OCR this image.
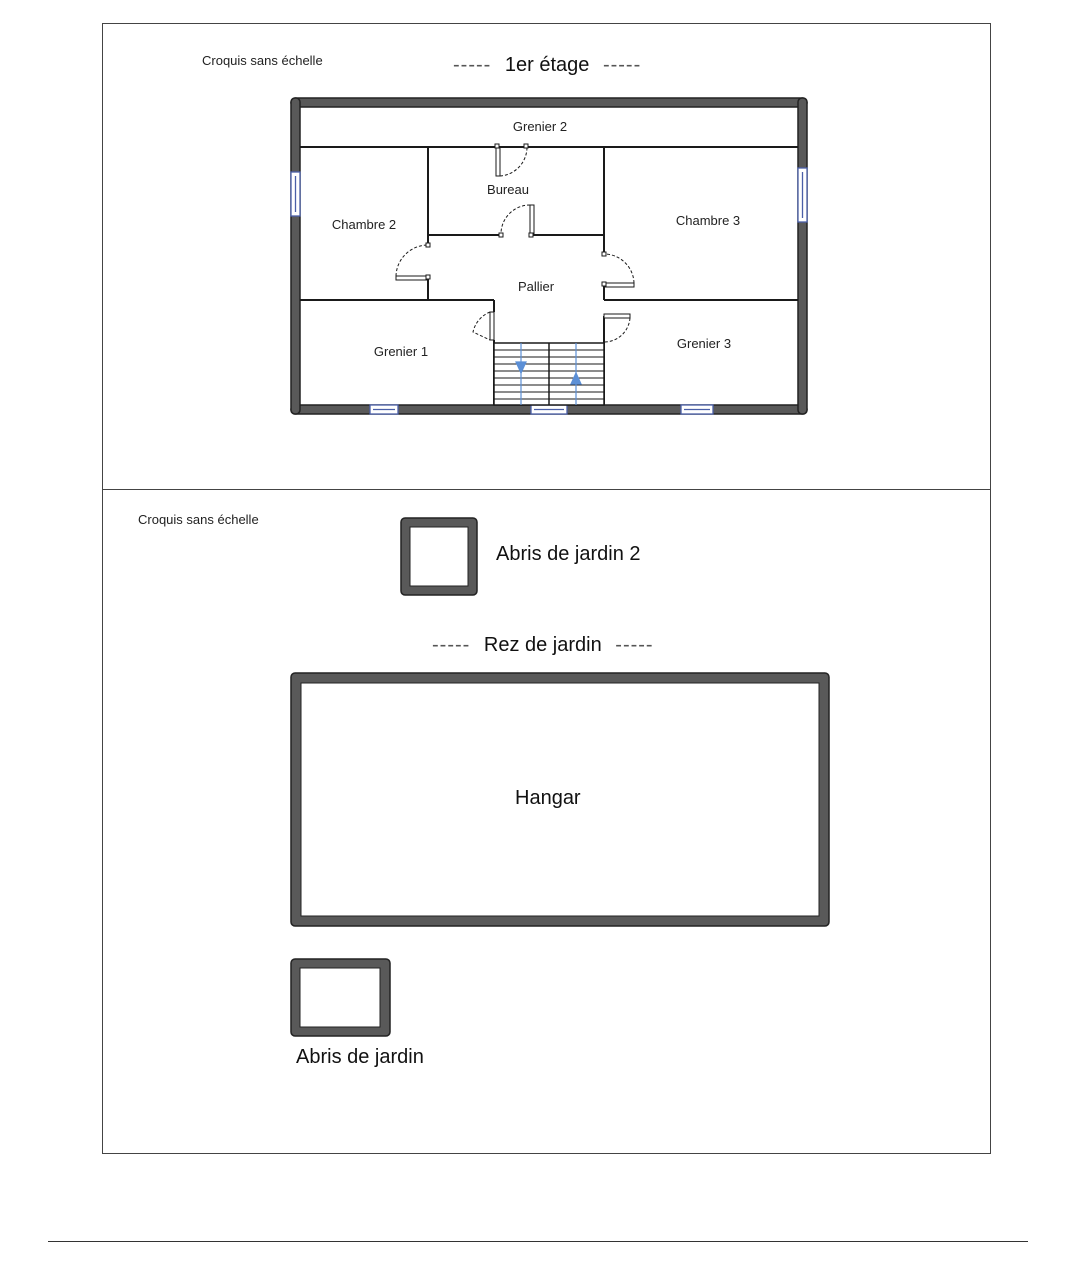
Croquis sans échelle	----- 1er étage -----
Grenier 2
Bureau
Chambre 2	Chambre 3
Pallier
Grenier 1
Grenier 3
Croquis sans échelle
Abris de jardin 2
----- Rez de jardin -----
Hangar
Abris de jardin
